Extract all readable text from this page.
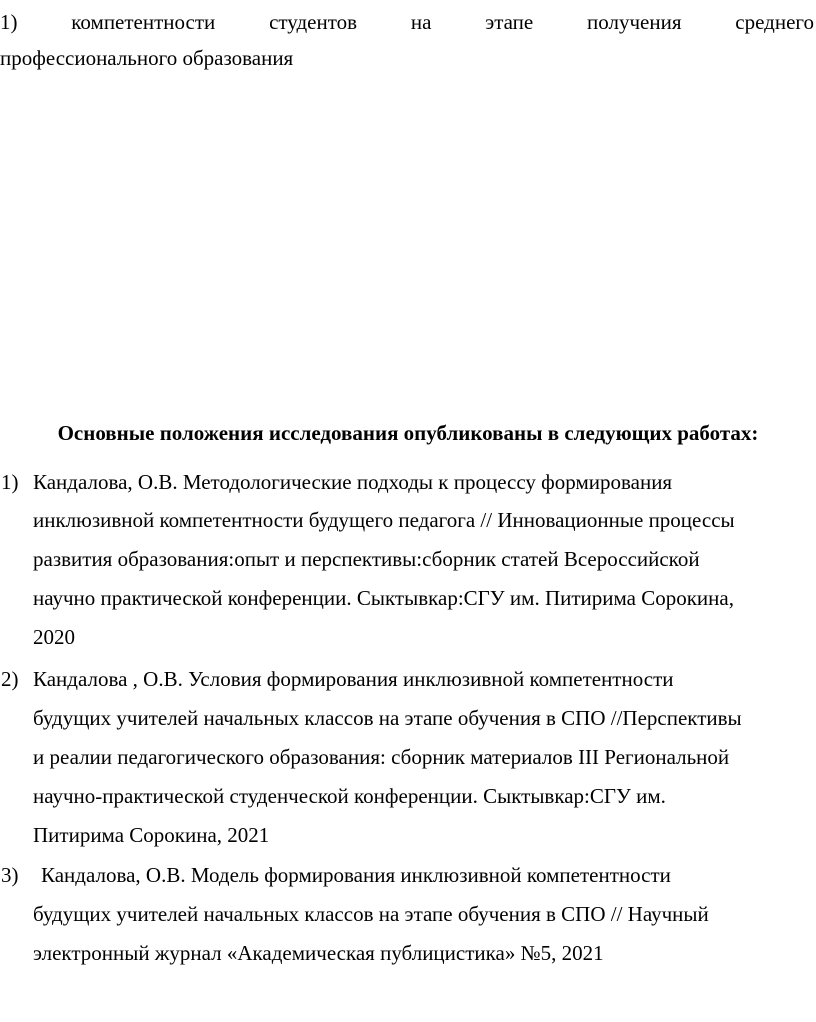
1) компетентности студентов на этапе получения среднего
профессионального образования
Основные положения исследования опубликованы в следующих работах:
1) Кандалова, О.В. Методологические подходы к процессу формирования
инклюзивной компетентности будущего педагога // Инновационные процессы
развития образования:опыт и перспективы:сборник статей Всероссийской
научно практической конференции. Сыктывкар:СГУ им. Питирима Сорокина,
2020
2) Кандалова , О.В. Условия формирования инклюзивной компетентности
будущих учителей начальных классов на этапе обучения в СПО //Перспективы
и реалии педагогического образования: сборник материалов III Региональной
научно-практической студенческой конференции. Сыктывкар:СГУ им.
Питирима Сорокина, 2021
3) Кандалова, О.В. Модель формирования инклюзивной компетентности
будущих учителей начальных классов на этапе обучения в СПО // Научный
электронный журнал «Академическая публицистика» №5, 2021
